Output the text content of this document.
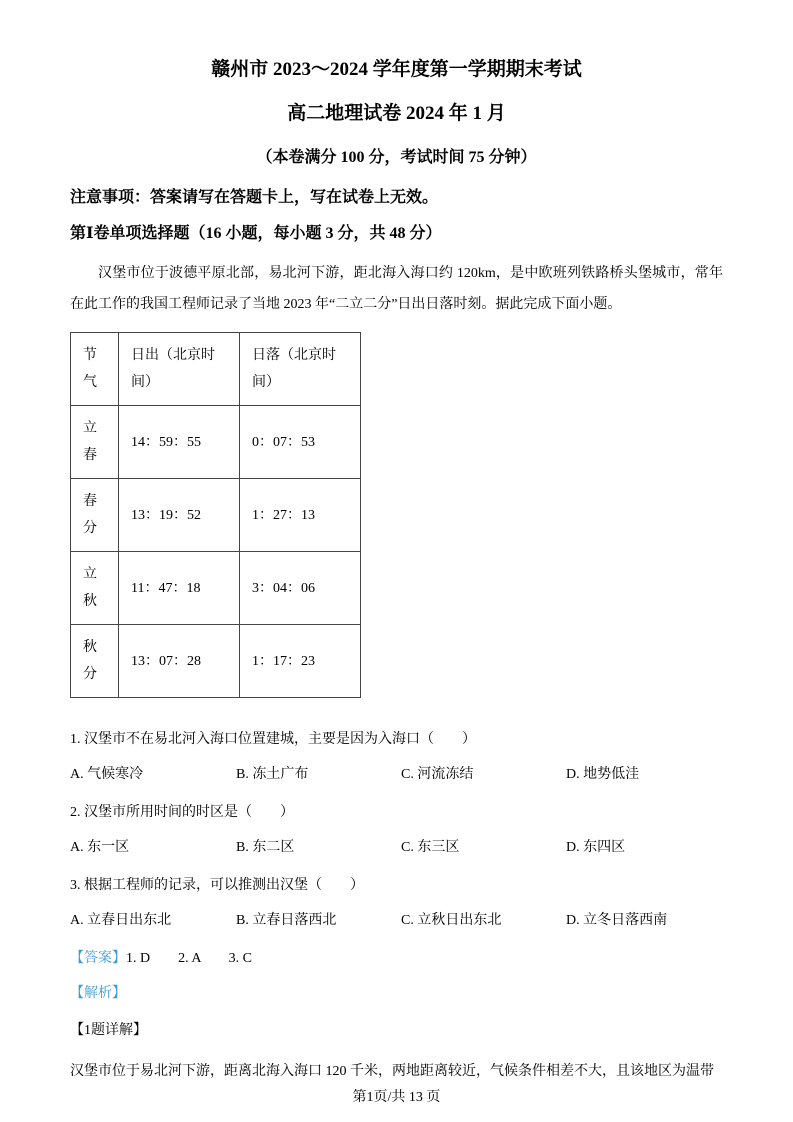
赣州市 2023～2024 学年度第一学期期末考试
高二地理试卷 2024 年 1 月
（本卷满分 100 分，考试时间 75 分钟）
注意事项：答案请写在答题卡上，写在试卷上无效。
第Ⅰ卷单项选择题（16 小题，每小题 3 分，共 48 分）

汉堡市位于波德平原北部，易北河下游，距北海入海口约 120km，是中欧班列铁路桥头堡城市，常年在此工作的我国工程师记录了当地 2023 年“二立二分”日出日落时刻。据此完成下面小题。

节气	日出（北京时间）	日落（北京时间）
立春	14：59：55	0：07：53
春分	13：19：52	1：27：13
立秋	11：47：18	3：04：06
秋分	13：07：28	1：17：23
1. 汉堡市不在易北河入海口位置建城，主要是因为入海口（　　）
A. 气候寒冷	B. 冻土广布	C. 河流冻结	D. 地势低洼
2. 汉堡市所用时间的时区是（　　）
A. 东一区	B. 东二区	C. 东三区	D. 东四区
3. 根据工程师的记录，可以推测出汉堡（　　）
A. 立春日出东北	B. 立春日落西北	C. 立秋日出东北	D. 立冬日落西南
【答案】1. D　　2. A　　3. C
【解析】
【1题详解】

汉堡市位于易北河下游，距离北海入海口 120 千米，两地距离较近，气候条件相差不大，且该地区为温带

第1页/共 13 页
